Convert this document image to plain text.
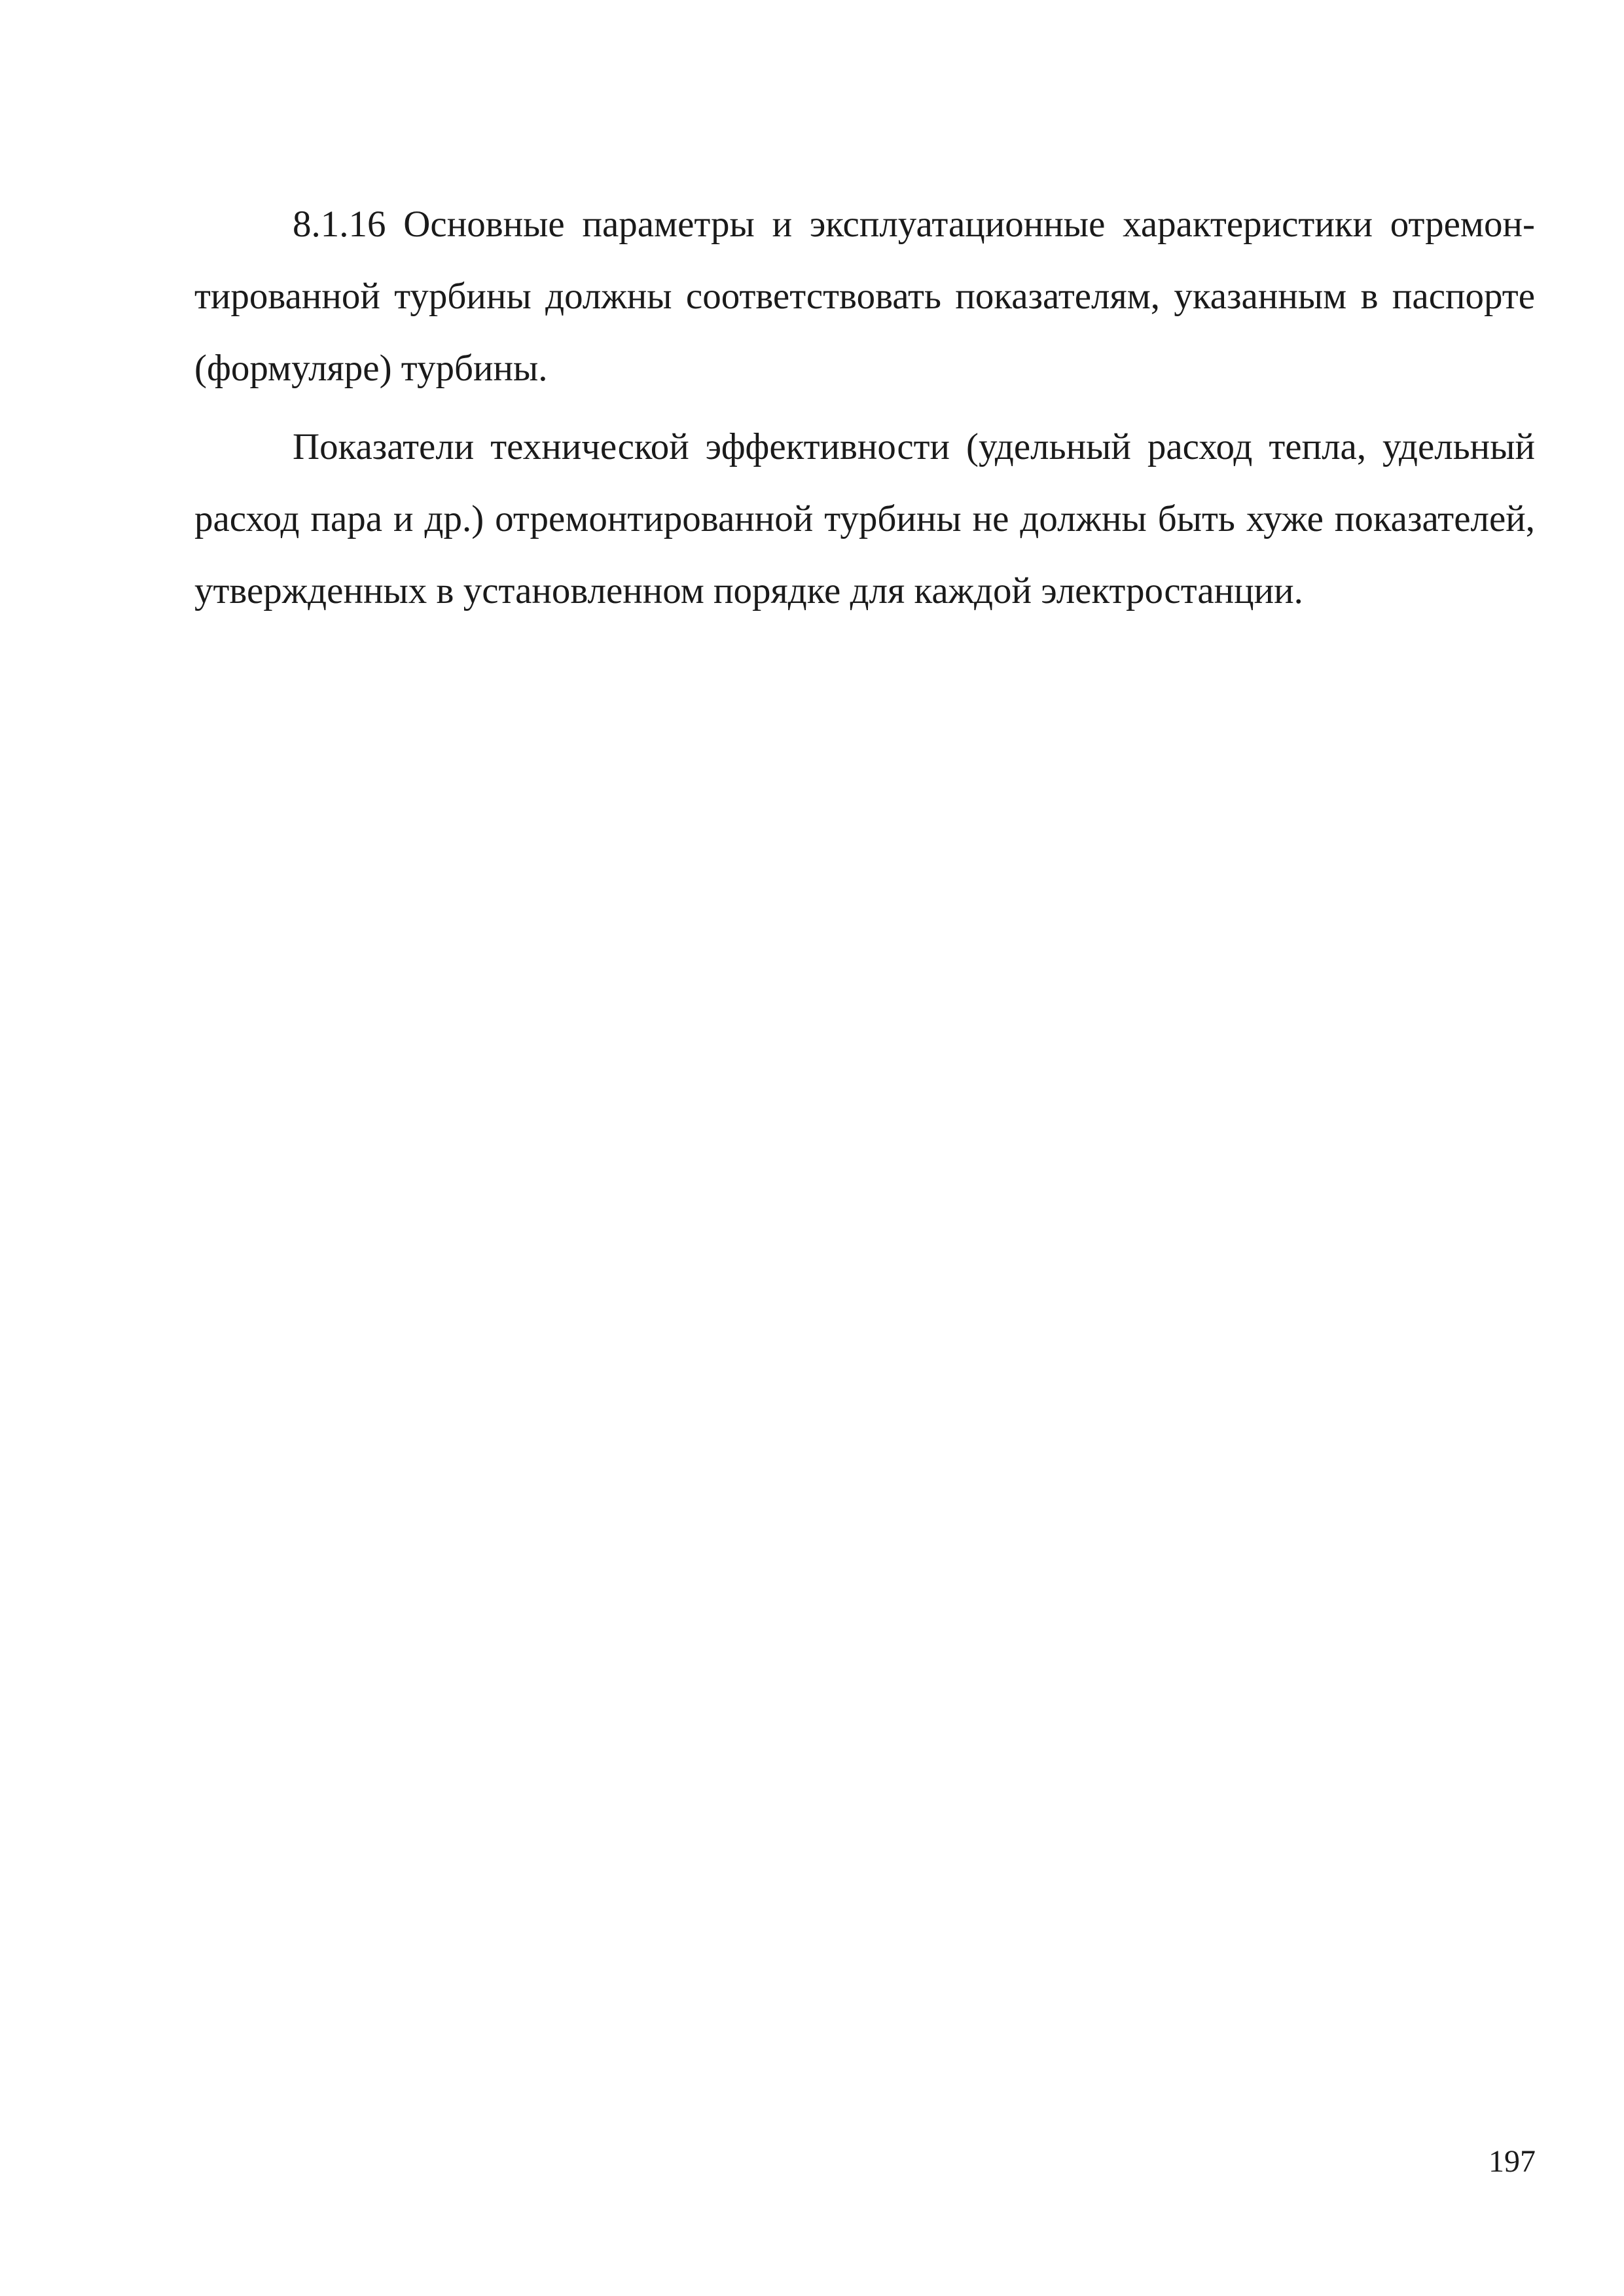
8.1.16 Основные параметры и эксплуатационные характеристики отремонтированной турбины должны соответствовать показателям, указанным в паспорте (формуляре) турбины.

Показатели технической эффективности (удельный расход тепла, удельный расход пара и др.) отремонтированной турбины не должны быть хуже показателей, утвержденных в установленном порядке для каждой электростанции.

197
